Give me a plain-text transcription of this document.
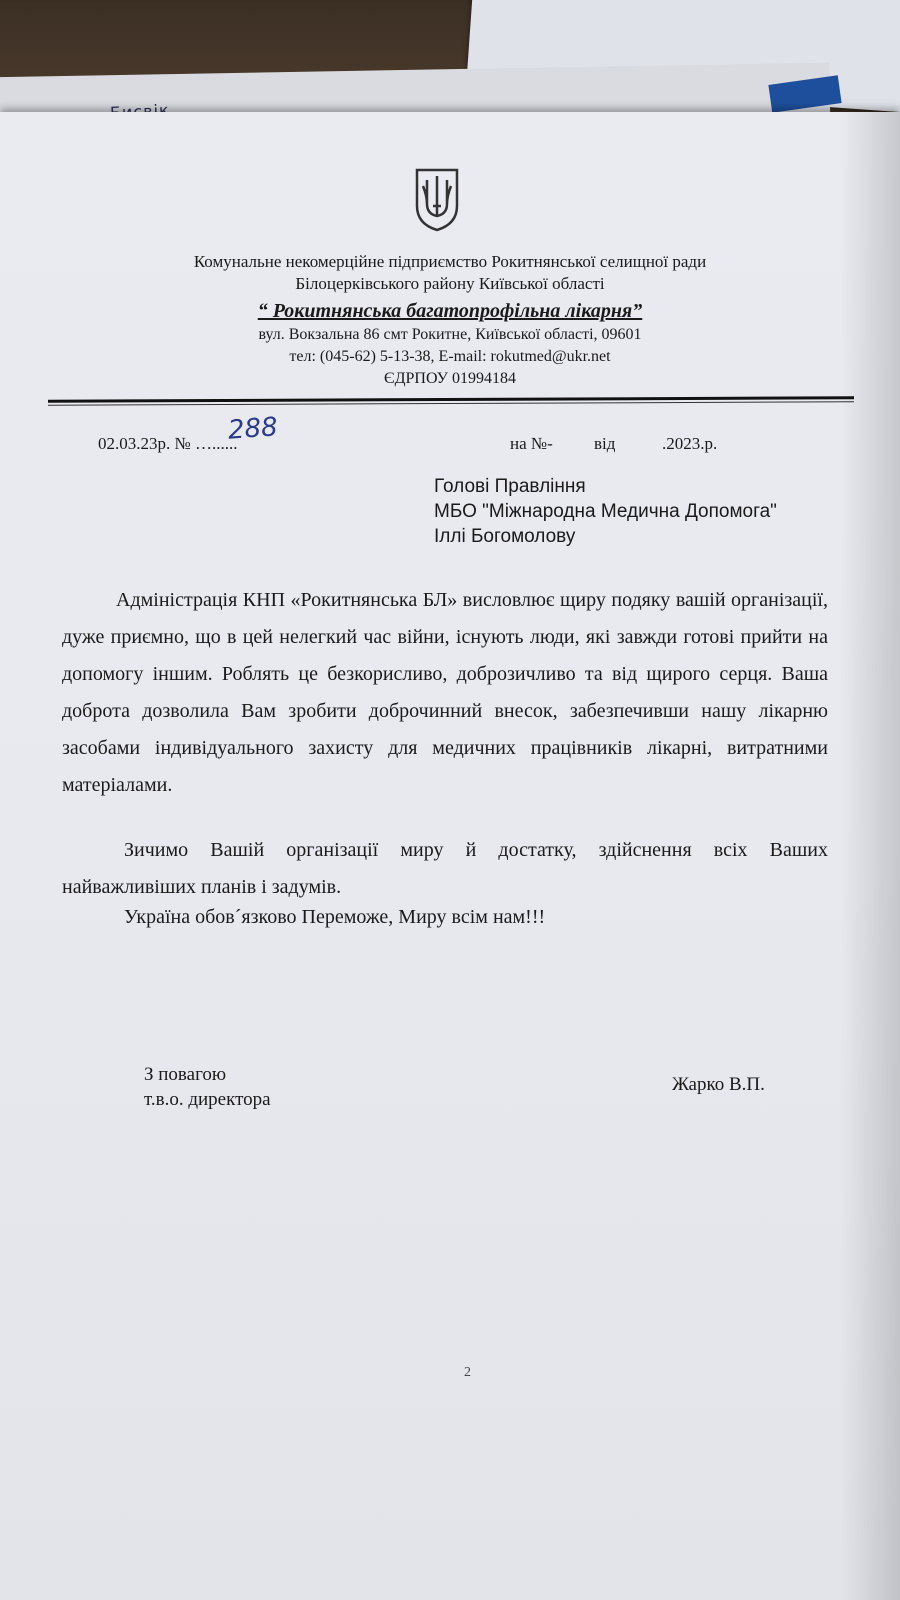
Комунальне некомерційне підприємство Рокитнянської селищної ради
Білоцерківського району Київської області
“ Рокитнянська багатопрофільна лікарня”
вул. Вокзальна 86 смт Рокитне, Київської області, 09601
тел: (045-62) 5-13-38, E-mail: rokutmed@ukr.net
ЄДРПОУ 01994184
02.03.23р. № …......
288	на №- від	.2023.р.
Голові Правління
МБО "Міжнародна Медична Допомога"
Іллі Богомолову
Адміністрація КНП «Рокитнянська БЛ» висловлює щиру подяку вашій організації, дуже приємно, що в цей нелегкий час війни, існують люди, які завжди готові прийти на допомогу іншим. Роблять це безкорисливо, доброзичливо та від щирого серця. Ваша доброта дозволила Вам зробити доброчинний внесок, забезпечивши нашу лікарню засобами індивідуального захисту для медичних працівників лікарні, витратними матеріалами.
Зичимо Вашій організації миру й достатку, здійснення всіх Ваших найважливіших планів і задумів.
Україна обов´язково Переможе, Миру всім нам!!!
З повагою
т.в.о. директора
Жарко В.П.
2
